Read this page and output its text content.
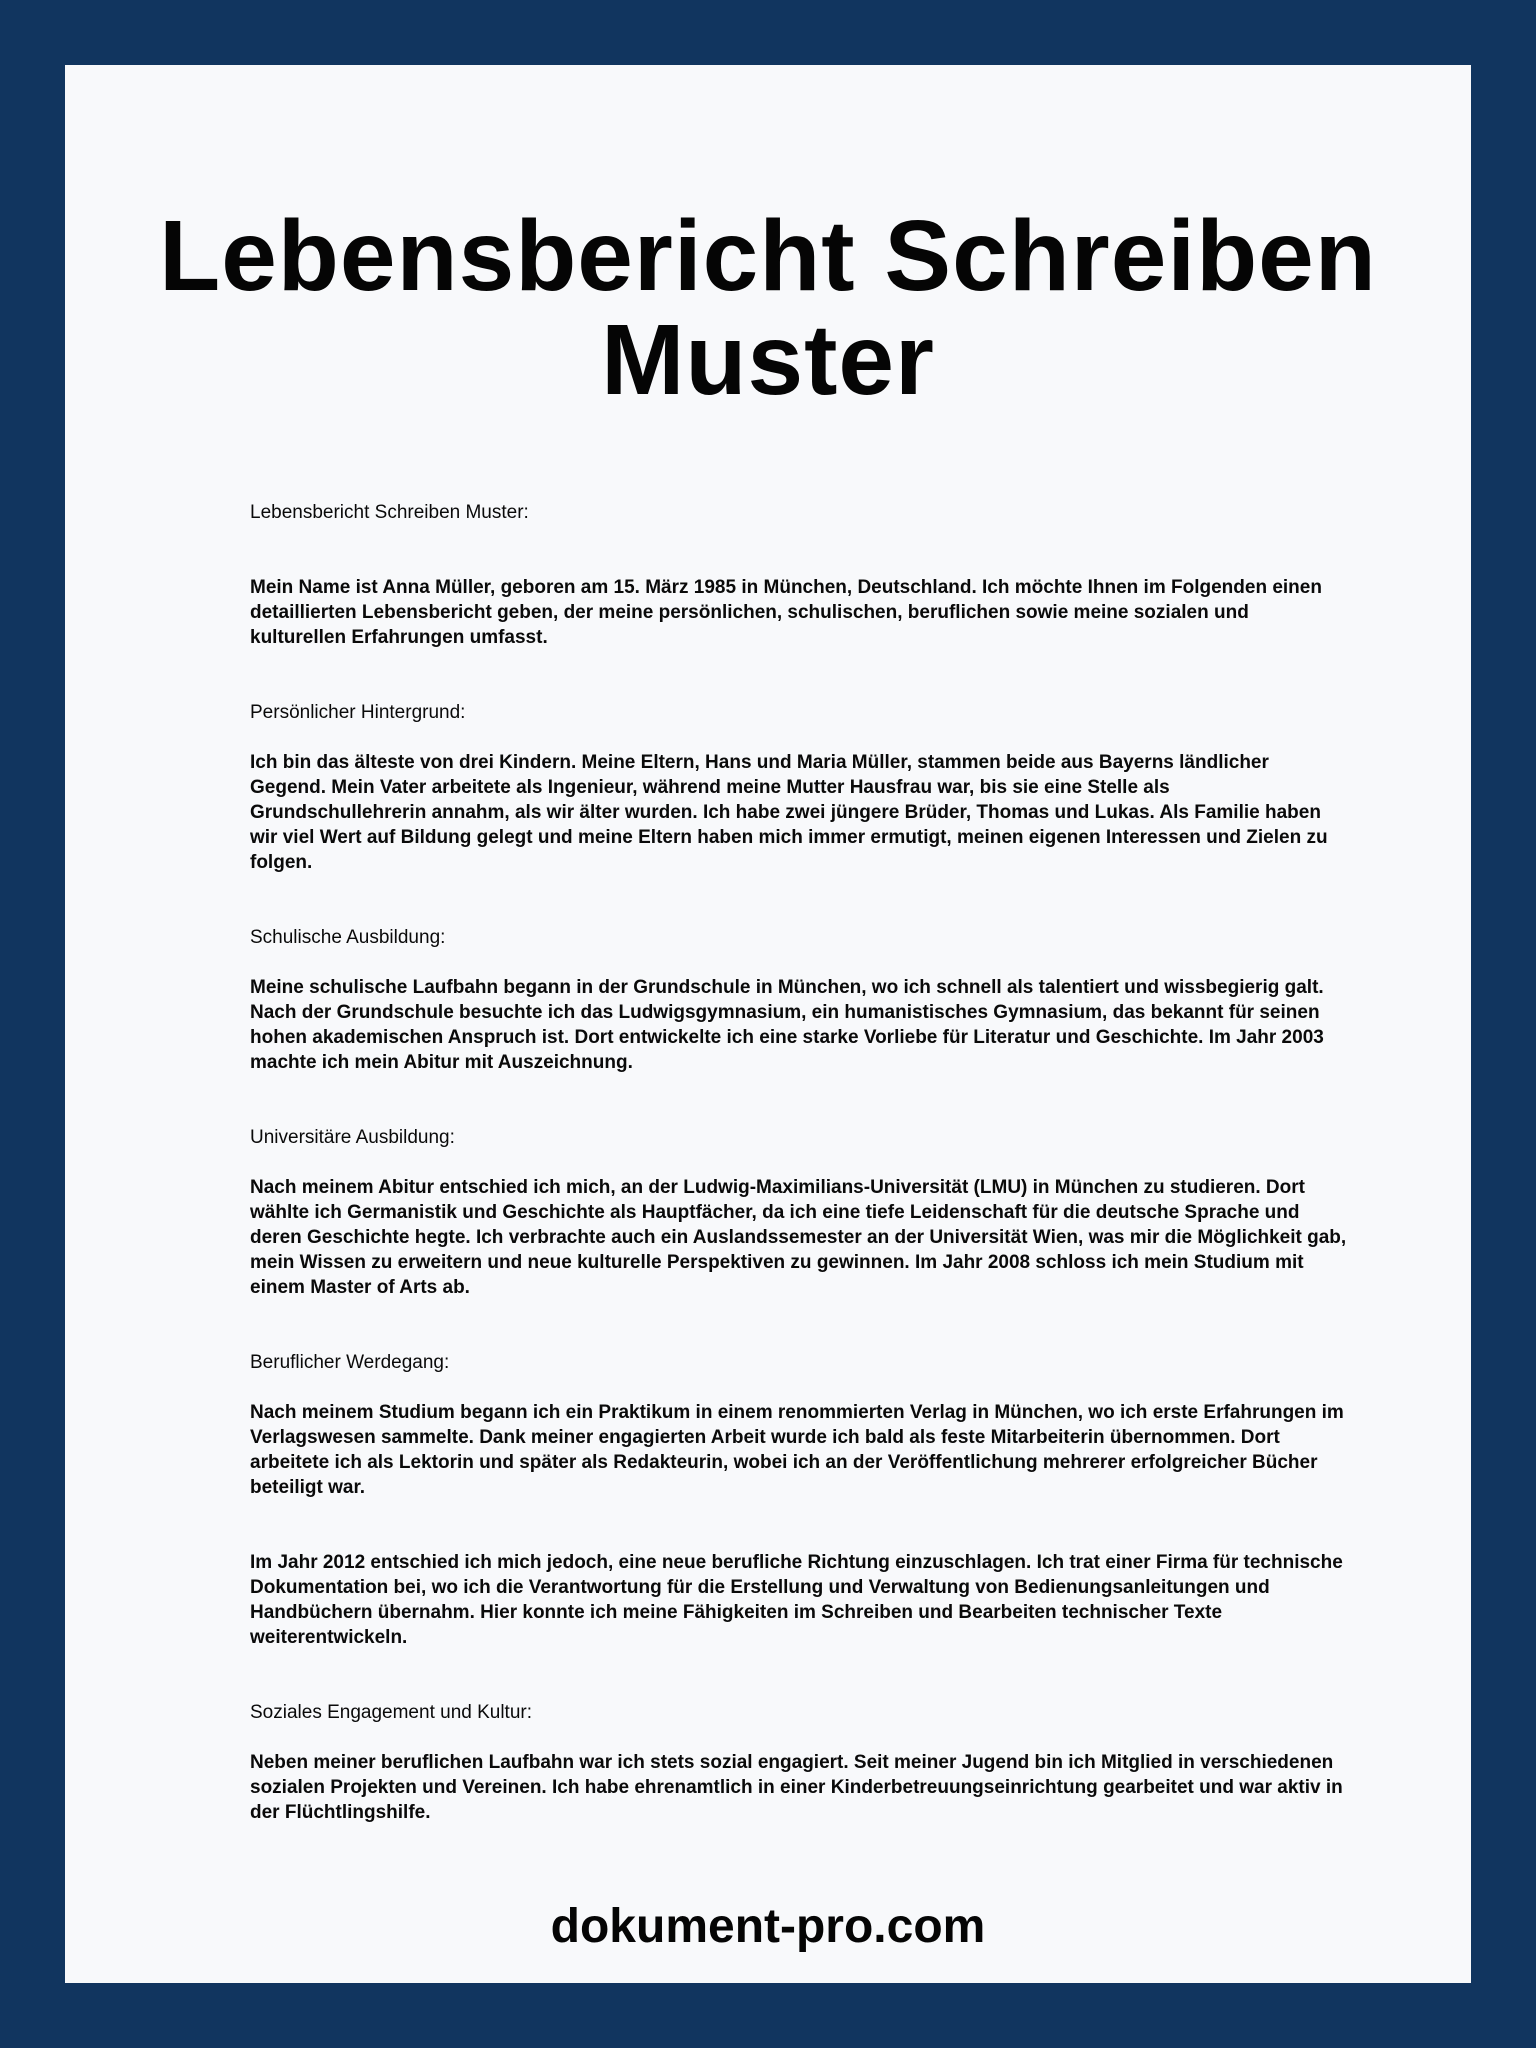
Lebensbericht Schreiben Muster

Lebensbericht Schreiben Muster:

Mein Name ist Anna Müller, geboren am 15. März 1985 in München, Deutschland. Ich möchte Ihnen im Folgenden einen detaillierten Lebensbericht geben, der meine persönlichen, schulischen, beruflichen sowie meine sozialen und kulturellen Erfahrungen umfasst.

Persönlicher Hintergrund:

Ich bin das älteste von drei Kindern. Meine Eltern, Hans und Maria Müller, stammen beide aus Bayerns ländlicher Gegend. Mein Vater arbeitete als Ingenieur, während meine Mutter Hausfrau war, bis sie eine Stelle als Grundschullehrerin annahm, als wir älter wurden. Ich habe zwei jüngere Brüder, Thomas und Lukas. Als Familie haben wir viel Wert auf Bildung gelegt und meine Eltern haben mich immer ermutigt, meinen eigenen Interessen und Zielen zu folgen.

Schulische Ausbildung:

Meine schulische Laufbahn begann in der Grundschule in München, wo ich schnell als talentiert und wissbegierig galt. Nach der Grundschule besuchte ich das Ludwigsgymnasium, ein humanistisches Gymnasium, das bekannt für seinen hohen akademischen Anspruch ist. Dort entwickelte ich eine starke Vorliebe für Literatur und Geschichte. Im Jahr 2003 machte ich mein Abitur mit Auszeichnung.

Universitäre Ausbildung:

Nach meinem Abitur entschied ich mich, an der Ludwig-Maximilians-Universität (LMU) in München zu studieren. Dort wählte ich Germanistik und Geschichte als Hauptfächer, da ich eine tiefe Leidenschaft für die deutsche Sprache und deren Geschichte hegte. Ich verbrachte auch ein Auslandssemester an der Universität Wien, was mir die Möglichkeit gab, mein Wissen zu erweitern und neue kulturelle Perspektiven zu gewinnen. Im Jahr 2008 schloss ich mein Studium mit einem Master of Arts ab.

Beruflicher Werdegang:

Nach meinem Studium begann ich ein Praktikum in einem renommierten Verlag in München, wo ich erste Erfahrungen im Verlagswesen sammelte. Dank meiner engagierten Arbeit wurde ich bald als feste Mitarbeiterin übernommen. Dort arbeitete ich als Lektorin und später als Redakteurin, wobei ich an der Veröffentlichung mehrerer erfolgreicher Bücher beteiligt war.

Im Jahr 2012 entschied ich mich jedoch, eine neue berufliche Richtung einzuschlagen. Ich trat einer Firma für technische Dokumentation bei, wo ich die Verantwortung für die Erstellung und Verwaltung von Bedienungsanleitungen und Handbüchern übernahm. Hier konnte ich meine Fähigkeiten im Schreiben und Bearbeiten technischer Texte weiterentwickeln.

Soziales Engagement und Kultur:

Neben meiner beruflichen Laufbahn war ich stets sozial engagiert. Seit meiner Jugend bin ich Mitglied in verschiedenen sozialen Projekten und Vereinen. Ich habe ehrenamtlich in einer Kinderbetreuungseinrichtung gearbeitet und war aktiv in der Flüchtlingshilfe.

dokument-pro.com
